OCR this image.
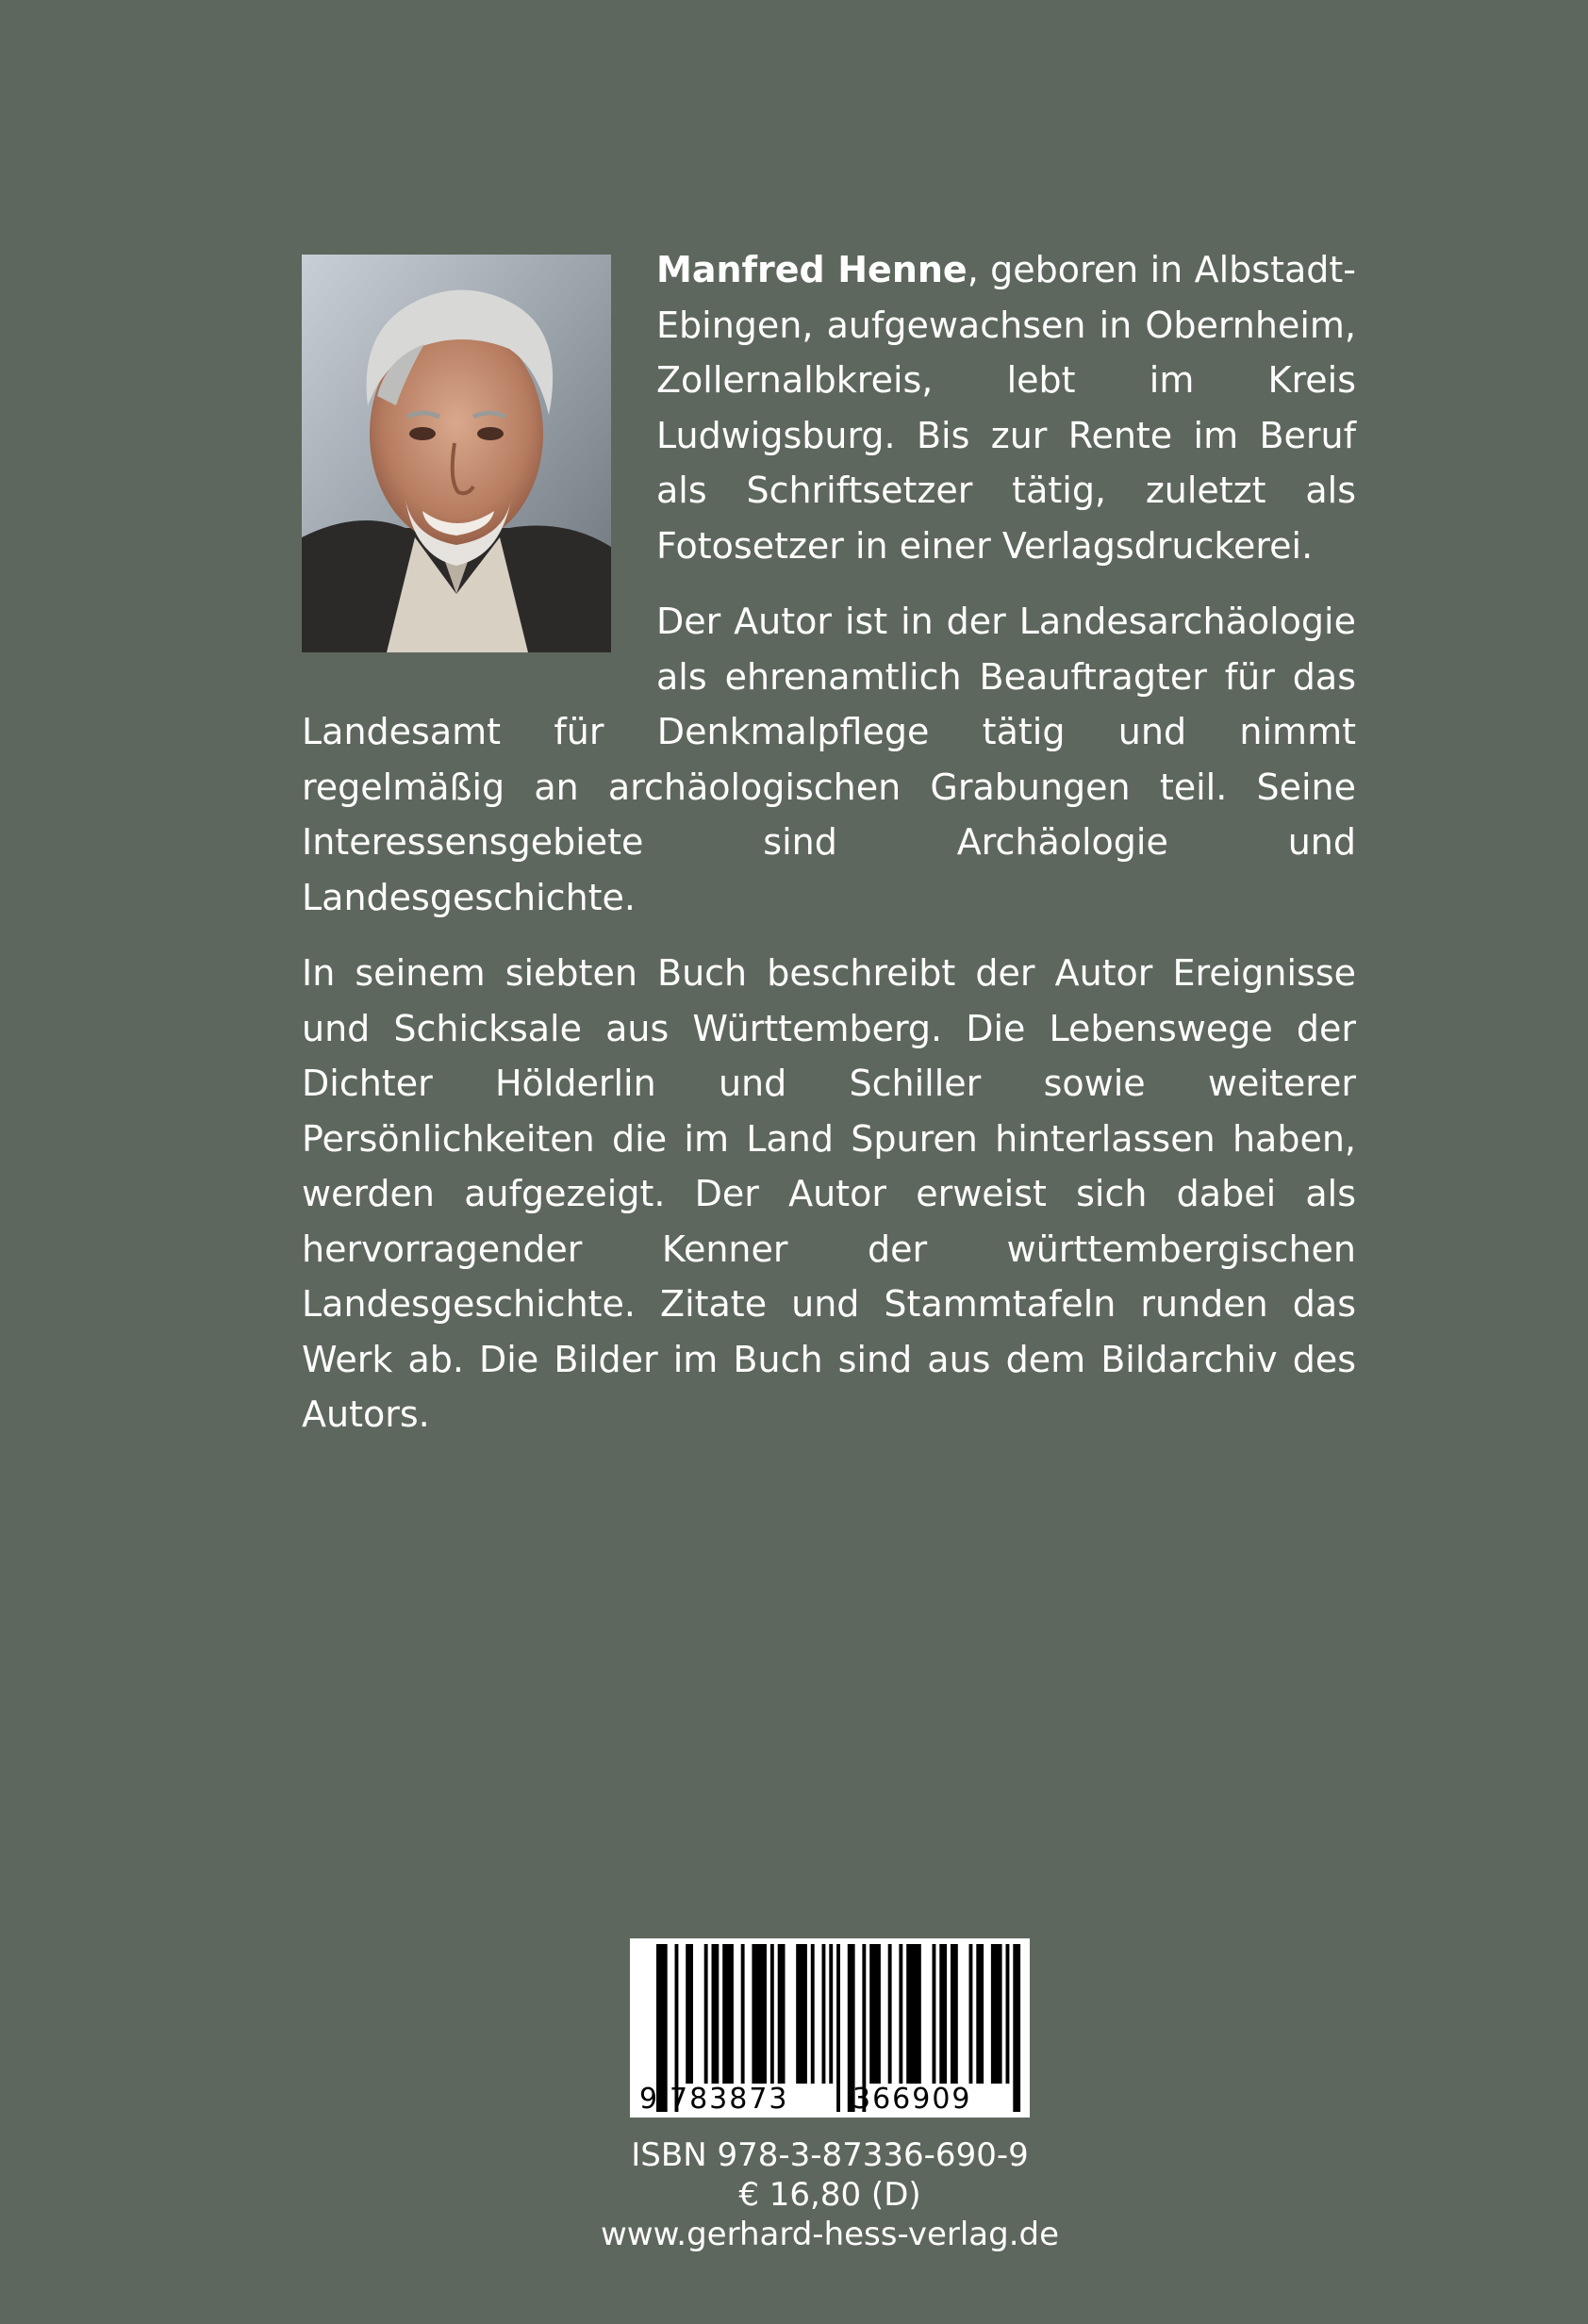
Manfred Henne, geboren in Albstadt-Ebingen, aufgewachsen in Obernheim, Zollernalbkreis, lebt im Kreis Ludwigsburg. Bis zur Rente im Beruf als Schriftsetzer tätig, zuletzt als Fotosetzer in einer Verlagsdruckerei.

Der Autor ist in der Landesarchäologie als ehrenamtlich Beauftragter für das Landesamt für Denkmalpflege tätig und nimmt regelmäßig an archäologischen Grabungen teil. Seine Interessensgebiete sind Archäologie und Landesgeschichte.

In seinem siebten Buch beschreibt der Autor Ereignisse und Schicksale aus Württemberg. Die Lebenswege der Dichter Hölderlin und Schiller sowie weiterer Persönlichkeiten die im Land Spuren hinterlassen haben, werden aufgezeigt. Der Autor erweist sich dabei als hervorragender Kenner der württembergischen Landesgeschichte. Zitate und Stammtafeln runden das Werk ab. Die Bilder im Buch sind aus dem Bildarchiv des Autors.

9 783873 366909
ISBN 978-3-87336-690-9
€ 16,80 (D)
www.gerhard-hess-verlag.de
